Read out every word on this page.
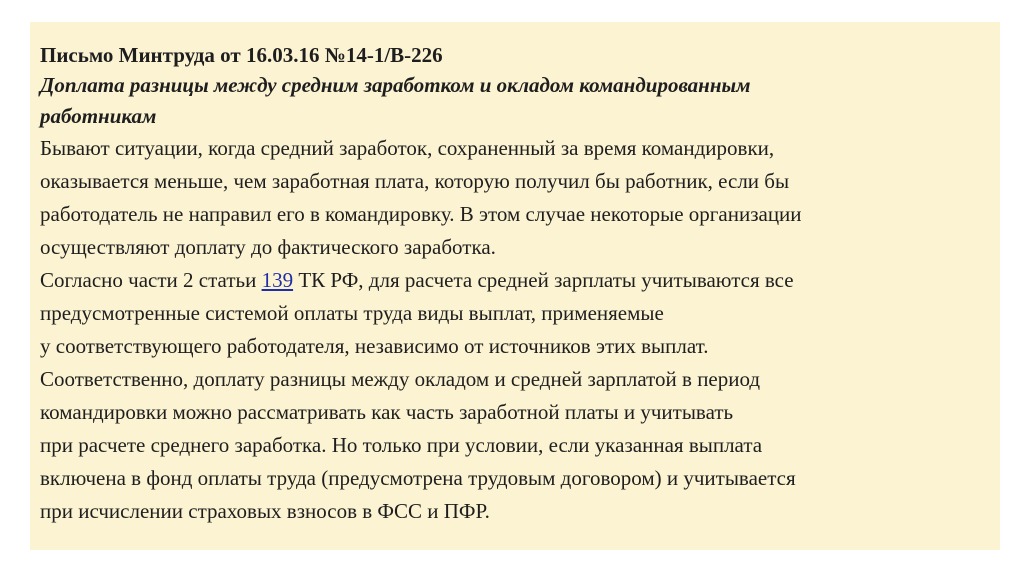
Письмо Минтруда от 16.03.16 №14-1/В-226

Доплата разницы между средним заработком и окладом командированным
работникам

Бывают ситуации, когда средний заработок, сохраненный за время командировки,
оказывается меньше, чем заработная плата, которую получил бы работник, если бы
работодатель не направил его в командировку. В этом случае некоторые организации
осуществляют доплату до фактического заработка.

Согласно части 2 статьи 139 ТК РФ, для расчета средней зарплаты учитываются все
предусмотренные системой оплаты труда виды выплат, применяемые
у соответствующего работодателя, независимо от источников этих выплат.

Соответственно, доплату разницы между окладом и средней зарплатой в период
командировки можно рассматривать как часть заработной платы и учитывать
при расчете среднего заработка. Но только при условии, если указанная выплата
включена в фонд оплаты труда (предусмотрена трудовым договором) и учитывается
при исчислении страховых взносов в ФСС и ПФР.
